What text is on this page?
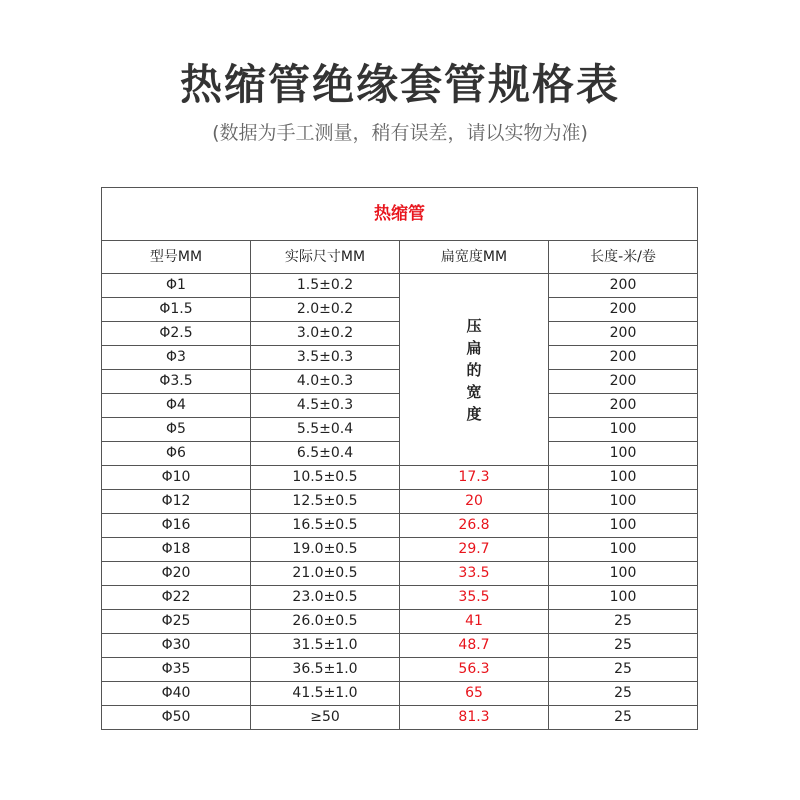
热缩管绝缘套管规格表
(数据为手工测量，稍有误差，请以实物为准)
热缩管			
型号MM	实际尺寸MM	扁宽度MM	长度-米/卷
Φ1	1.5±0.2	压扁的宽度	200
Φ1.5	2.0±0.2		200
Φ2.5	3.0±0.2		200
Φ3	3.5±0.3		200
Φ3.5	4.0±0.3		200
Φ4	4.5±0.3		200
Φ5	5.5±0.4		100
Φ6	6.5±0.4		100
Φ10	10.5±0.5	17.3	100
Φ12	12.5±0.5	20	100
Φ16	16.5±0.5	26.8	100
Φ18	19.0±0.5	29.7	100
Φ20	21.0±0.5	33.5	100
Φ22	23.0±0.5	35.5	100
Φ25	26.0±0.5	41	25
Φ30	31.5±1.0	48.7	25
Φ35	36.5±1.0	56.3	25
Φ40	41.5±1.0	65	25
Φ50	≥50	81.3	25
